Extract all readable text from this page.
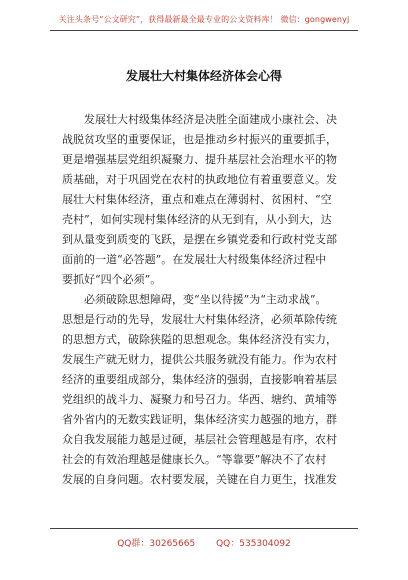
关注头条号“公文研究”，获得最新最全最专业的公文资料库！ 微信：gongwenyj
发展壮大村集体经济体会心得
发展壮大村级集体经济是决胜全面建成小康社会、决
战脱贫攻坚的重要保证，也是推动乡村振兴的重要抓手，
更是增强基层党组织凝聚力、提升基层社会治理水平的物
质基础，对于巩固党在农村的执政地位有着重要意义。发
展壮大村集体经济，重点和难点在薄弱村、贫困村、“空
壳村”，如何实现村集体经济的从无到有，从小到大，达
到从量变到质变的飞跃，是摆在乡镇党委和行政村党支部
面前的一道“必答题”。在发展壮大村级集体经济过程中
要抓好“四个必须”。
必须破除思想障碍，变“坐以待援”为“主动求战”。
思想是行动的先导，发展壮大村集体经济，必须革除传统
的思想方式，破除狭隘的思想观念。集体经济没有实力，
发展生产就无财力，提供公共服务就没有能力。作为农村
经济的重要组成部分，集体经济的强弱，直接影响着基层
党组织的战斗力、凝聚力和号召力。华西、塘约、黄埔等
省外省内的无数实践证明，集体经济实力越强的地方，群
众自我发展能力越是过硬，基层社会管理越是有序，农村
社会的有效治理越是健康长久。“等靠要”解决不了农村
发展的自身问题。农村要发展，关键在自力更生，找准发
QQ群：30265665 QQ：535304092
